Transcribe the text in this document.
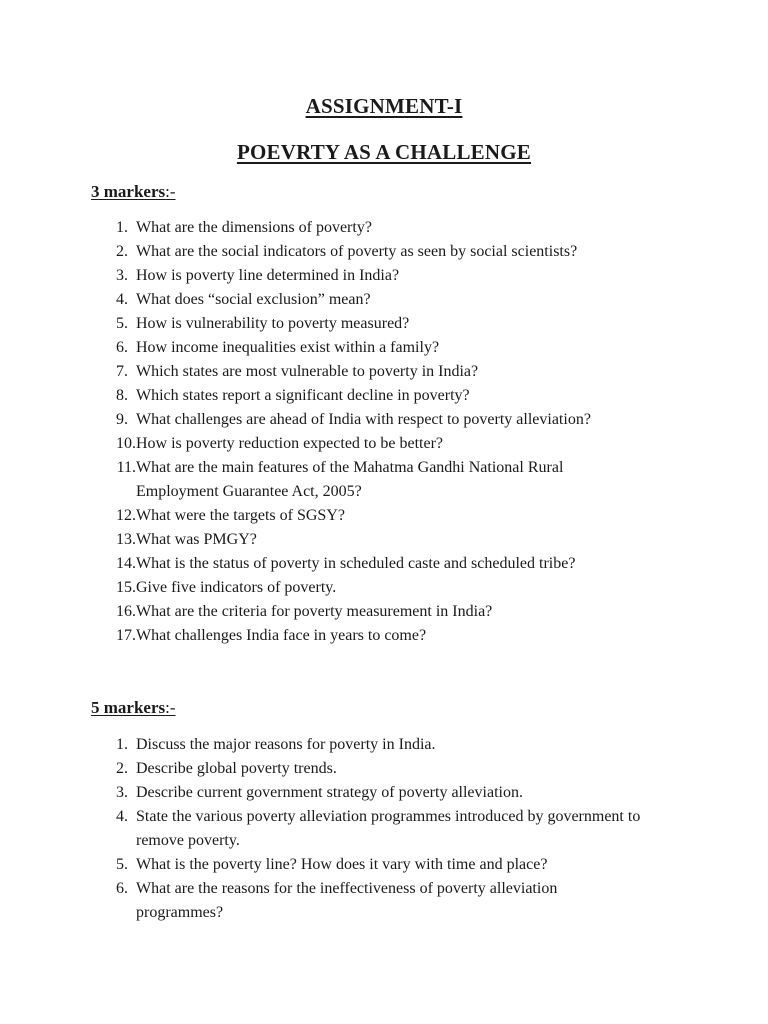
ASSIGNMENT-I
POEVRTY AS A CHALLENGE
3 markers:-
1. What are the dimensions of poverty?
2. What are the social indicators of poverty as seen by social scientists?
3. How is poverty line determined in India?
4. What does “social exclusion” mean?
5. How is vulnerability to poverty measured?
6. How income inequalities exist within a family?
7. Which states are most vulnerable to poverty in India?
8. Which states report a significant decline in poverty?
9. What challenges are ahead of India with respect to poverty alleviation?
10. How is poverty reduction expected to be better?
11. What are the main features of the Mahatma Gandhi National Rural Employment Guarantee Act, 2005?
12. What were the targets of SGSY?
13. What was PMGY?
14. What is the status of poverty in scheduled caste and scheduled tribe?
15. Give five indicators of poverty.
16. What are the criteria for poverty measurement in India?
17. What challenges India face in years to come?
5 markers:-
1. Discuss the major reasons for poverty in India.
2. Describe global poverty trends.
3. Describe current government strategy of poverty alleviation.
4. State the various poverty alleviation programmes introduced by government to remove poverty.
5. What is the poverty line? How does it vary with time and place?
6. What are the reasons for the ineffectiveness of poverty alleviation programmes?
